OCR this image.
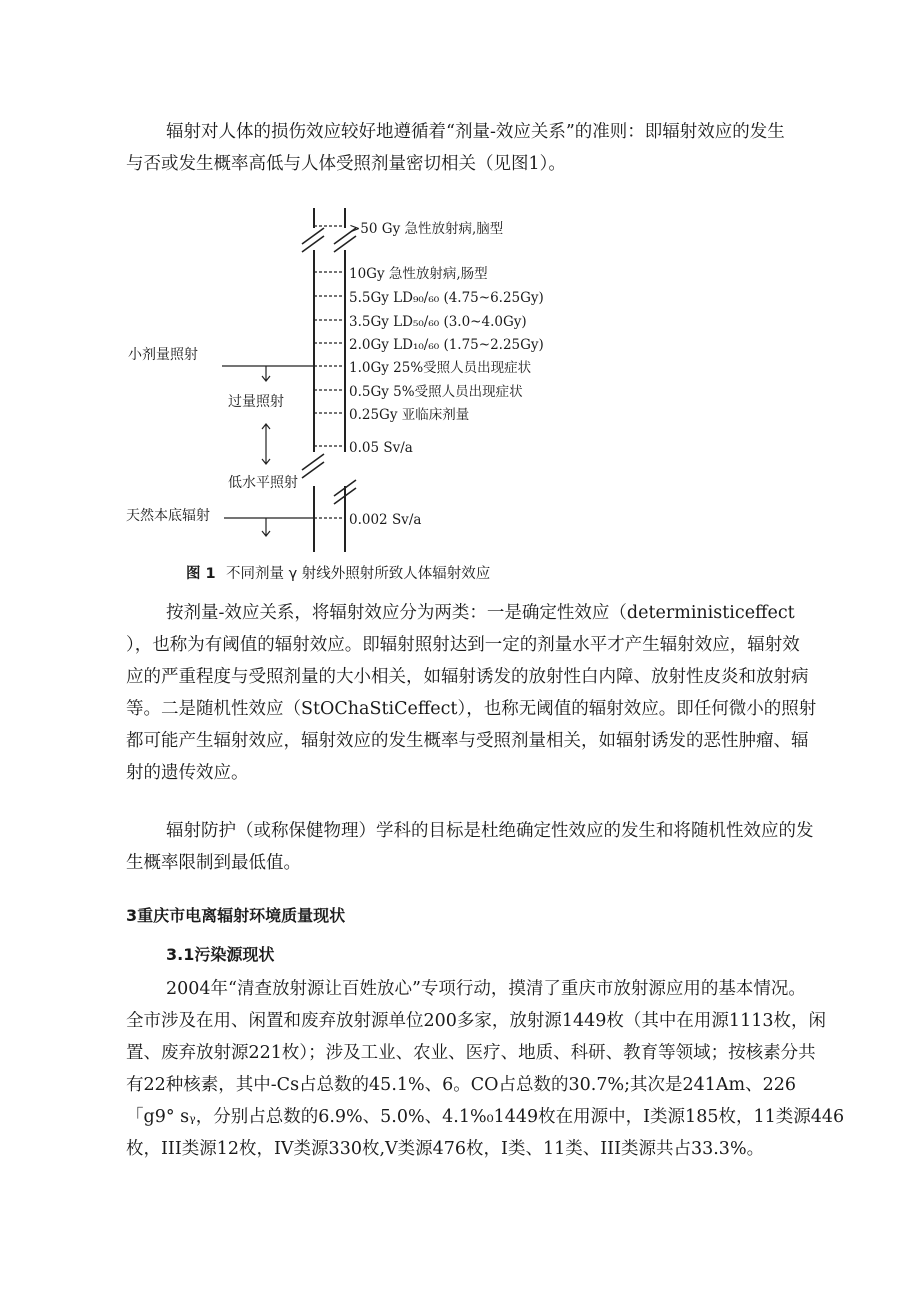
辐射对人体的损伤效应较好地遵循着“剂量-效应关系”的准则：即辐射效应的发生
与否或发生概率高低与人体受照剂量密切相关（见图1）。
>50 Gy 急性放射病,脑型
10Gy 急性放射病,肠型
5.5Gy LD₉₀/₆₀ (4.75~6.25Gy)
3.5Gy LD₅₀/₆₀ (3.0~4.0Gy)
2.0Gy LD₁₀/₆₀ (1.75~2.25Gy)
1.0Gy 25%受照人员出现症状
0.5Gy 5%受照人员出现症状
0.25Gy 亚临床剂量
0.05 Sv/a
0.002 Sv/a
小剂量照射
过量照射
低水平照射
天然本底辐射
图 1 不同剂量 γ 射线外照射所致人体辐射效应
按剂量-效应关系，将辐射效应分为两类：一是确定性效应（deterministiceffect
），也称为有阈值的辐射效应。即辐射照射达到一定的剂量水平才产生辐射效应，辐射效
应的严重程度与受照剂量的大小相关，如辐射诱发的放射性白内障、放射性皮炎和放射病
等。二是随机性效应（StOChaStiCeffect），也称无阈值的辐射效应。即任何微小的照射
都可能产生辐射效应，辐射效应的发生概率与受照剂量相关，如辐射诱发的恶性肿瘤、辐
射的遗传效应。
辐射防护（或称保健物理）学科的目标是杜绝确定性效应的发生和将随机性效应的发
生概率限制到最低值。
3重庆市电离辐射环境质量现状
3.1污染源现状
2004年“清查放射源让百姓放心”专项行动，摸清了重庆市放射源应用的基本情况。
全市涉及在用、闲置和废弃放射源单位200多家，放射源1449枚（其中在用源1113枚，闲
置、废弃放射源221枚）；涉及工业、农业、医疗、地质、科研、教育等领域；按核素分共
有22种核素，其中-Cs占总数的45.1%、6。CO占总数的30.7%;其次是241Am、226
「g9° sᵧ，分别占总数的6.9%、5.0%、4.1%₀1449枚在用源中，I类源185枚，11类源446
枚，III类源12枚，IV类源330枚,V类源476枚，I类、11类、III类源共占33.3%。
